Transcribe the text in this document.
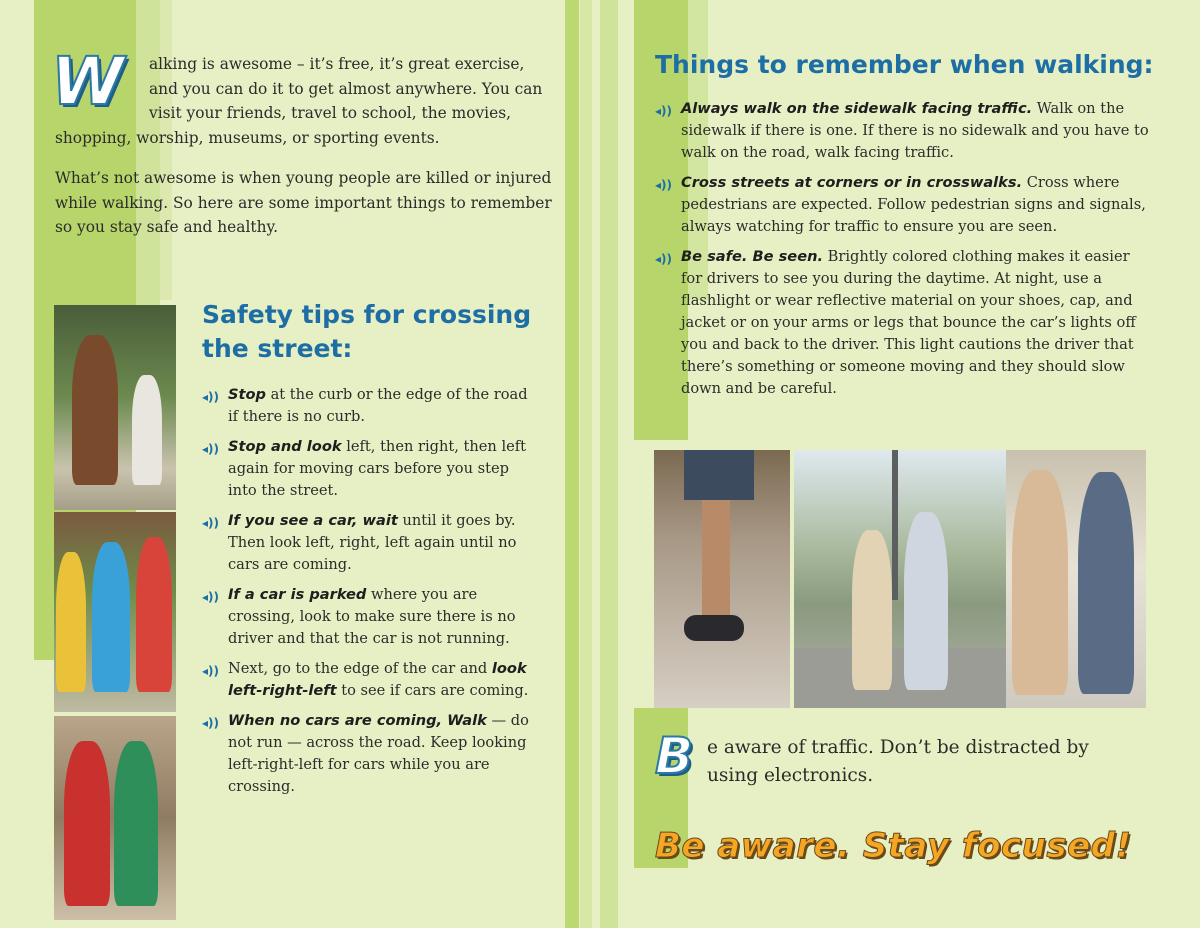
W	alking is awesome – it’s free, it’s great exercise, and you can do it to get almost anywhere. You can visit your friends, travel to school, the movies, shopping, worship, museums, or sporting events.

What’s not awesome is when young people are killed or injured while walking. So here are some important things to remember so you stay safe and healthy.

Safety tips for crossing the street:
◂)) Stop at the curb or the edge of the road if there is no curb.
◂)) Stop and look left, then right, then left again for moving cars before you step into the street.
◂)) If you see a car, wait until it goes by. Then look left, right, left again until no cars are coming.
◂)) If a car is parked where you are crossing, look to make sure there is no driver and that the car is not running.
◂)) Next, go to the edge of the car and look left-right-left to see if cars are coming.
◂)) When no cars are coming, Walk — do not run — across the road. Keep looking left-right-left for cars while you are crossing.
Things to remember when walking:
◂)) Always walk on the sidewalk facing traffic. Walk on the sidewalk if there is one. If there is no sidewalk and you have to walk on the road, walk facing traffic.
◂)) Cross streets at corners or in crosswalks. Cross where pedestrians are expected. Follow pedestrian signs and signals, always watching for traffic to ensure you are seen.
◂)) Be safe. Be seen. Brightly colored clothing makes it easier for drivers to see you during the daytime. At night, use a flashlight or wear reflective material on your shoes, cap, and jacket or on your arms or legs that bounce the car’s lights off you and back to the driver. This light cautions the driver that there’s something or someone moving and they should slow down and be careful.
Be aware of traffic. Don’t be distracted by using electronics.
Be aware. Stay focused!
